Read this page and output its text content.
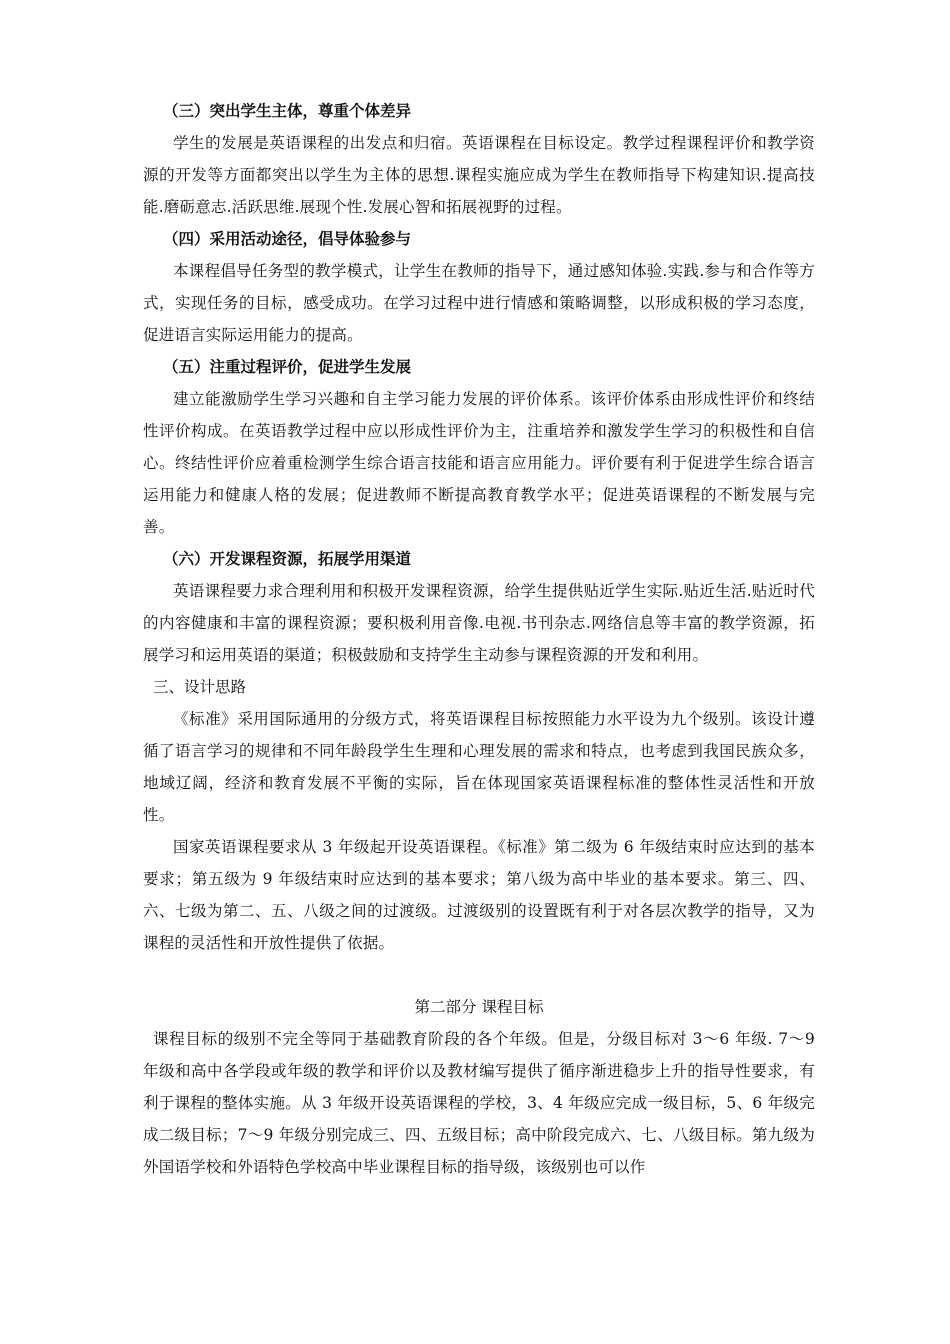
（三）突出学生主体，尊重个体差异

学生的发展是英语课程的出发点和归宿。英语课程在目标设定。教学过程课程评价和教学资源的开发等方面都突出以学生为主体的思想.课程实施应成为学生在教师指导下构建知识.提高技能.磨砺意志.活跃思维.展现个性.发展心智和拓展视野的过程。

（四）采用活动途径，倡导体验参与

本课程倡导任务型的教学模式，让学生在教师的指导下，通过感知体验.实践.参与和合作等方式，实现任务的目标，感受成功。在学习过程中进行情感和策略调整，以形成积极的学习态度，促进语言实际运用能力的提高。

（五）注重过程评价，促进学生发展

建立能激励学生学习兴趣和自主学习能力发展的评价体系。该评价体系由形成性评价和终结性评价构成。在英语教学过程中应以形成性评价为主，注重培养和激发学生学习的积极性和自信心。终结性评价应着重检测学生综合语言技能和语言应用能力。评价要有利于促进学生综合语言运用能力和健康人格的发展；促进教师不断提高教育教学水平；促进英语课程的不断发展与完善。

（六）开发课程资源，拓展学用渠道

英语课程要力求合理利用和积极开发课程资源，给学生提供贴近学生实际.贴近生活.贴近时代的内容健康和丰富的课程资源；要积极利用音像.电视.书刊杂志.网络信息等丰富的教学资源，拓展学习和运用英语的渠道；积极鼓励和支持学生主动参与课程资源的开发和利用。

三、设计思路

《标准》采用国际通用的分级方式，将英语课程目标按照能力水平设为九个级别。该设计遵循了语言学习的规律和不同年龄段学生生理和心理发展的需求和特点，也考虑到我国民族众多，地域辽阔，经济和教育发展不平衡的实际，旨在体现国家英语课程标准的整体性灵活性和开放性。

国家英语课程要求从 3 年级起开设英语课程。《标准》第二级为 6 年级结束时应达到的基本要求；第五级为 9 年级结束时应达到的基本要求；第八级为高中毕业的基本要求。第三、四、六、七级为第二、五、八级之间的过渡级。过渡级别的设置既有利于对各层次教学的指导，又为课程的灵活性和开放性提供了依据。

第二部分 课程目标

课程目标的级别不完全等同于基础教育阶段的各个年级。但是，分级目标对 3～6 年级. 7～9 年级和高中各学段或年级的教学和评价以及教材编写提供了循序渐进稳步上升的指导性要求，有利于课程的整体实施。从 3 年级开设英语课程的学校，3、4 年级应完成一级目标，5、6 年级完成二级目标；7～9 年级分别完成三、四、五级目标；高中阶段完成六、七、八级目标。第九级为外国语学校和外语特色学校高中毕业课程目标的指导级，该级别也可以作
